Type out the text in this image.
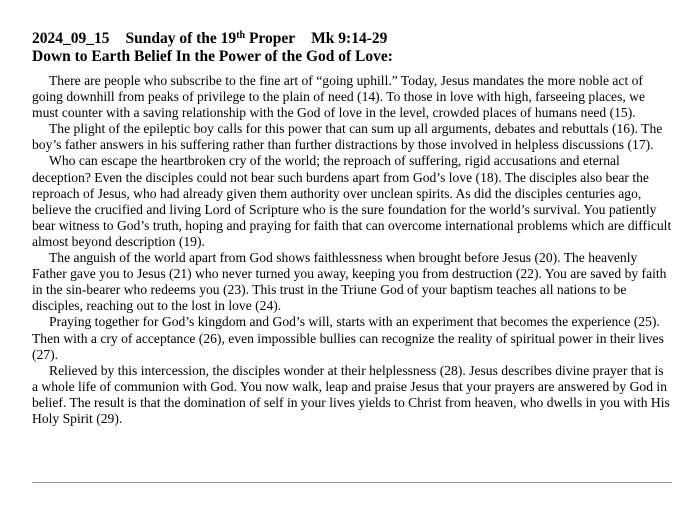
2024_09_15 Sunday of the 19th Proper Mk 9:14-29
Down to Earth Belief In the Power of the God of Love:

There are people who subscribe to the fine art of “going uphill.” Today, Jesus mandates the more noble act of going downhill from peaks of privilege to the plain of need (14). To those in love with high, farseeing places, we must counter with a saving relationship with the God of love in the level, crowded places of humans need (15).

The plight of the epileptic boy calls for this power that can sum up all arguments, debates and rebuttals (16). The boy’s father answers in his suffering rather than further distractions by those involved in helpless discussions (17).

Who can escape the heartbroken cry of the world; the reproach of suffering, rigid accusations and eternal deception? Even the disciples could not bear such burdens apart from God’s love (18). The disciples also bear the reproach of Jesus, who had already given them authority over unclean spirits. As did the disciples centuries ago, believe the crucified and living Lord of Scripture who is the sure foundation for the world’s survival. You patiently bear witness to God’s truth, hoping and praying for faith that can overcome international problems which are difficult almost beyond description (19).

The anguish of the world apart from God shows faithlessness when brought before Jesus (20). The heavenly Father gave you to Jesus (21) who never turned you away, keeping you from destruction (22). You are saved by faith in the sin-bearer who redeems you (23). This trust in the Triune God of your baptism teaches all nations to be disciples, reaching out to the lost in love (24).

Praying together for God’s kingdom and God’s will, starts with an experiment that becomes the experience (25). Then with a cry of acceptance (26), even impossible bullies can recognize the reality of spiritual power in their lives (27).

Relieved by this intercession, the disciples wonder at their helplessness (28). Jesus describes divine prayer that is a whole life of communion with God. You now walk, leap and praise Jesus that your prayers are answered by God in belief. The result is that the domination of self in your lives yields to Christ from heaven, who dwells in you with His Holy Spirit (29).
